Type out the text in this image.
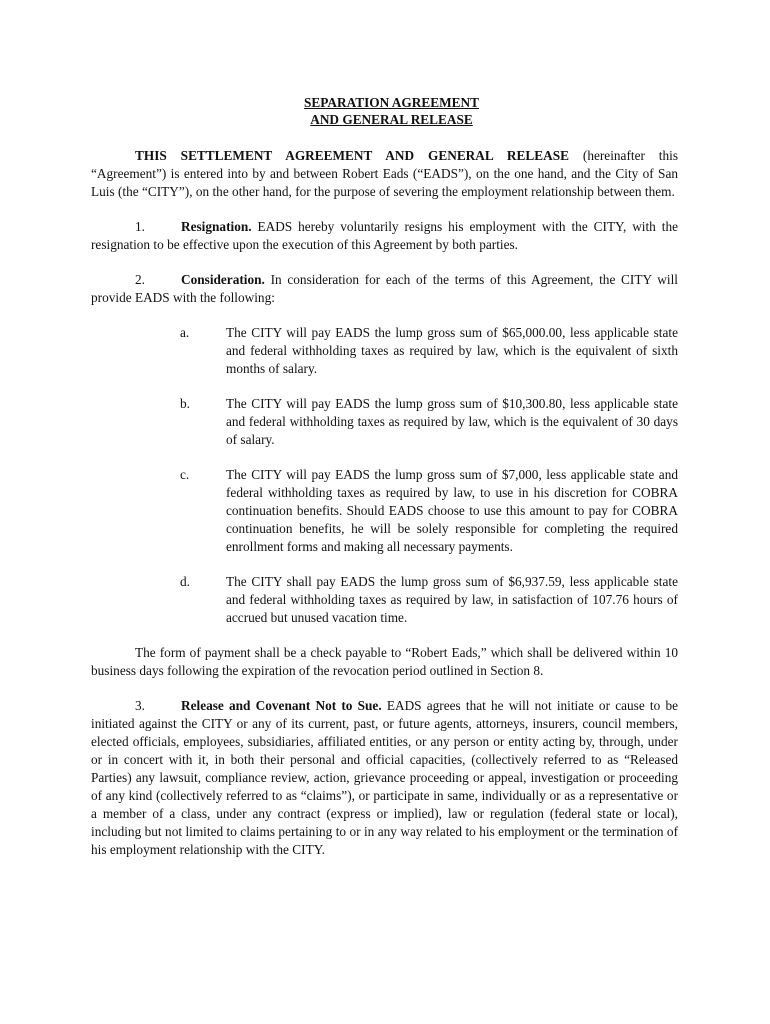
SEPARATION AGREEMENT
AND GENERAL RELEASE

THIS SETTLEMENT AGREEMENT AND GENERAL RELEASE (hereinafter this “Agreement”) is entered into by and between Robert Eads (“EADS”), on the one hand, and the City of San Luis (the “CITY”), on the other hand, for the purpose of severing the employment relationship between them.

1.	Resignation. EADS hereby voluntarily resigns his employment with the CITY, with the resignation to be effective upon the execution of this Agreement by both parties.

2.	Consideration. In consideration for each of the terms of this Agreement, the CITY will provide EADS with the following:

a.	The CITY will pay EADS the lump gross sum of $65,000.00, less applicable state and federal withholding taxes as required by law, which is the equivalent of sixth months of salary.
b.	The CITY will pay EADS the lump gross sum of $10,300.80, less applicable state and federal withholding taxes as required by law, which is the equivalent of 30 days of salary.
c.	The CITY will pay EADS the lump gross sum of $7,000, less applicable state and federal withholding taxes as required by law, to use in his discretion for COBRA continuation benefits. Should EADS choose to use this amount to pay for COBRA continuation benefits, he will be solely responsible for completing the required enrollment forms and making all necessary payments.
d.	The CITY shall pay EADS the lump gross sum of $6,937.59, less applicable state and federal withholding taxes as required by law, in satisfaction of 107.76 hours of accrued but unused vacation time.

The form of payment shall be a check payable to “Robert Eads,” which shall be delivered within 10 business days following the expiration of the revocation period outlined in Section 8.

3.	Release and Covenant Not to Sue. EADS agrees that he will not initiate or cause to be initiated against the CITY or any of its current, past, or future agents, attorneys, insurers, council members, elected officials, employees, subsidiaries, affiliated entities, or any person or entity acting by, through, under or in concert with it, in both their personal and official capacities, (collectively referred to as “Released Parties) any lawsuit, compliance review, action, grievance proceeding or appeal, investigation or proceeding of any kind (collectively referred to as “claims”), or participate in same, individually or as a representative or a member of a class, under any contract (express or implied), law or regulation (federal state or local), including but not limited to claims pertaining to or in any way related to his employment or the termination of his employment relationship with the CITY.
